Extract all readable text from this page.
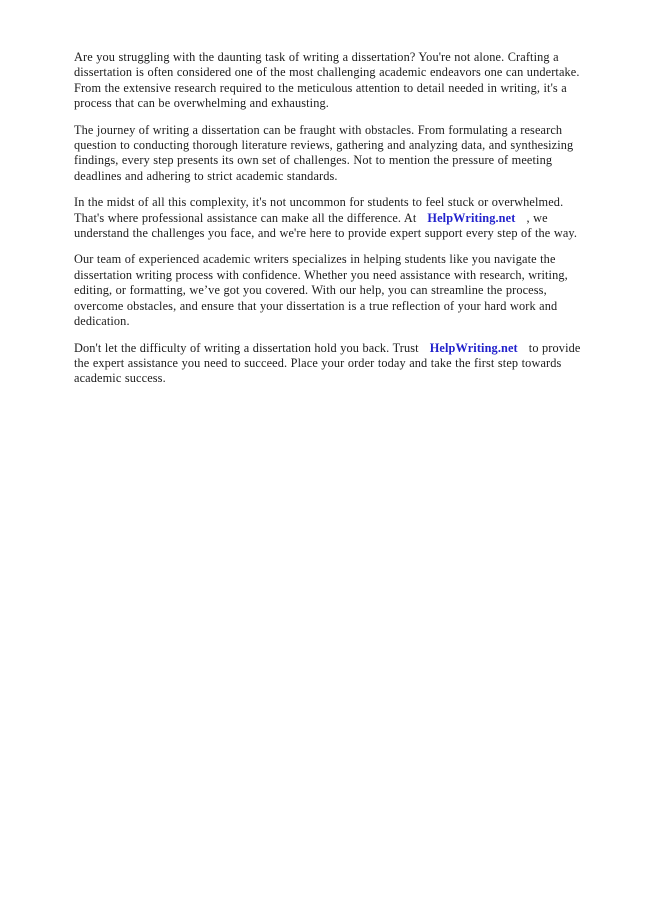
Are you struggling with the daunting task of writing a dissertation? You're not alone. Crafting a dissertation is often considered one of the most challenging academic endeavors one can undertake. From the extensive research required to the meticulous attention to detail needed in writing, it's a process that can be overwhelming and exhausting.

The journey of writing a dissertation can be fraught with obstacles. From formulating a research question to conducting thorough literature reviews, gathering and analyzing data, and synthesizing findings, every step presents its own set of challenges. Not to mention the pressure of meeting deadlines and adhering to strict academic standards.

In the midst of all this complexity, it's not uncommon for students to feel stuck or overwhelmed. That's where professional assistance can make all the difference. At HelpWriting.net , we understand the challenges you face, and we're here to provide expert support every step of the way.

Our team of experienced academic writers specializes in helping students like you navigate the dissertation writing process with confidence. Whether you need assistance with research, writing, editing, or formatting, we’ve got you covered. With our help, you can streamline the process, overcome obstacles, and ensure that your dissertation is a true reflection of your hard work and dedication.

Don't let the difficulty of writing a dissertation hold you back. Trust HelpWriting.net to provide the expert assistance you need to succeed. Place your order today and take the first step towards academic success.
